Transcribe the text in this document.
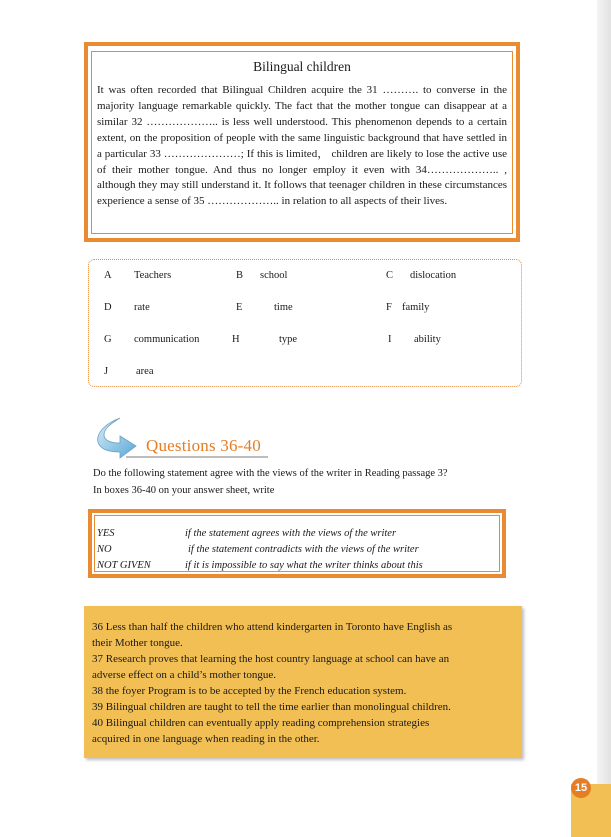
15
Bilingual children

It was often recorded that Bilingual Children acquire the 31 ………. to converse in the majority language remarkable quickly. The fact that the mother tongue can disappear at a similar 32 ……………….. is less well understood. This phenomenon depends to a certain extent, on the proposition of people with the same linguistic background that have settled in a particular 33 …………………; If this is limited， children are likely to lose the active use of their mother tongue. And thus no longer employ it even with 34……………….. , although they may still understand it. It follows that teenager children in these circumstances experience a sense of 35 ……………….. in relation to all aspects of their lives.

A Teachers	B school	C dislocation
D rate	E	time	F family
G communication	H	type	I ability
J	area
Questions 36-40
Do the following statement agree with the views of the writer in Reading passage 3?
In boxes 36-40 on your answer sheet, write
YES	if the statement agrees with the views of the writer
NO	if the statement contradicts with the views of the writer
NOT GIVEN	if it is impossible to say what the writer thinks about this

36 Less than half the children who attend kindergarten in Toronto have English as

their Mother tongue.

37 Research proves that learning the host country language at school can have an

adverse effect on a child’s mother tongue.

38 the foyer Program is to be accepted by the French education system.

39 Bilingual children are taught to tell the time earlier than monolingual children.

40 Bilingual children can eventually apply reading comprehension strategies

acquired in one language when reading in the other.
